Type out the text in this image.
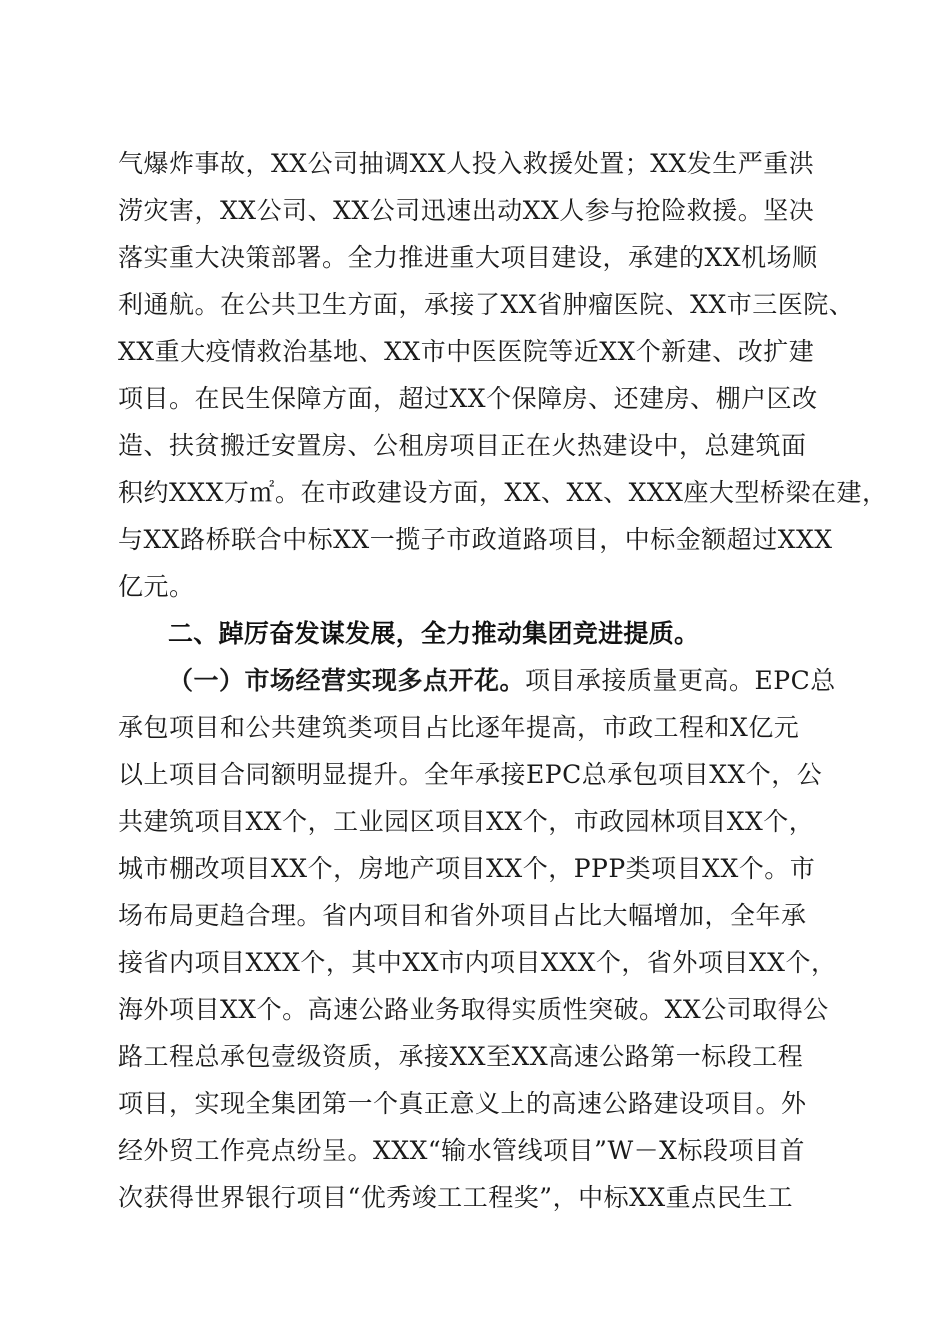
气爆炸事故，XX公司抽调XX人投入救援处置；XX发生严重洪
涝灾害，XX公司、XX公司迅速出动XX人参与抢险救援。坚决
落实重大决策部署。全力推进重大项目建设，承建的XX机场顺
利通航。在公共卫生方面，承接了XX省肿瘤医院、XX市三医院、
XX重大疫情救治基地、XX市中医医院等近XX个新建、改扩建
项目。在民生保障方面，超过XX个保障房、还建房、棚户区改
造、扶贫搬迁安置房、公租房项目正在火热建设中，总建筑面
积约XXX万㎡。在市政建设方面，XX、XX、XXX座大型桥梁在建，
与XX路桥联合中标XX一揽子市政道路项目，中标金额超过XXX
亿元。
二、踔厉奋发谋发展，全力推动集团竞进提质。
（一）市场经营实现多点开花。项目承接质量更高。EPC总
承包项目和公共建筑类项目占比逐年提高，市政工程和X亿元
以上项目合同额明显提升。全年承接EPC总承包项目XX个，公
共建筑项目XX个，工业园区项目XX个，市政园林项目XX个，
城市棚改项目XX个，房地产项目XX个，PPP类项目XX个。市
场布局更趋合理。省内项目和省外项目占比大幅增加，全年承
接省内项目XXX个，其中XX市内项目XXX个，省外项目XX个，
海外项目XX个。高速公路业务取得实质性突破。XX公司取得公
路工程总承包壹级资质，承接XX至XX高速公路第一标段工程
项目，实现全集团第一个真正意义上的高速公路建设项目。外
经外贸工作亮点纷呈。XXX“输水管线项目”W－X标段项目首
次获得世界银行项目“优秀竣工工程奖”，中标XX重点民生工
